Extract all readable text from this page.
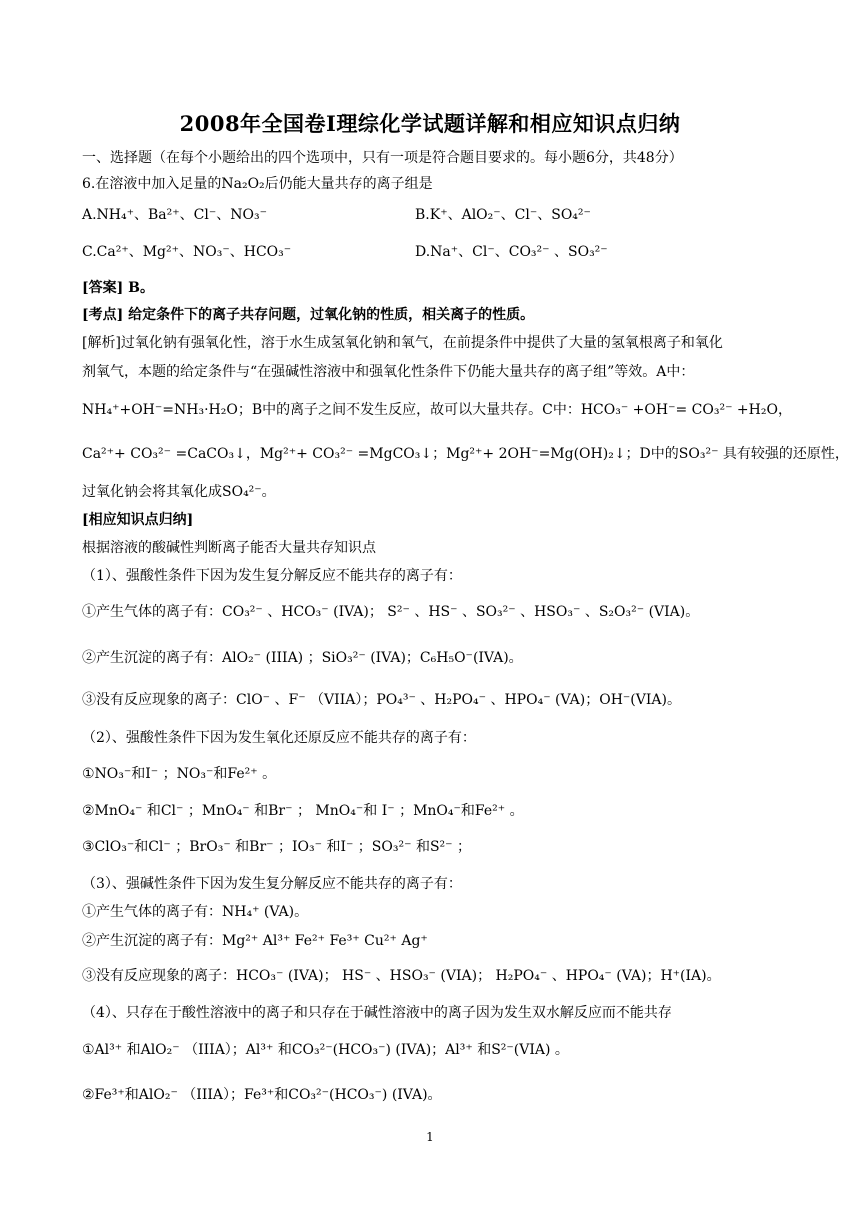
2008年全国卷I理综化学试题详解和相应知识点归纳
一、选择题（在每个小题给出的四个选项中，只有一项是符合题目要求的。每小题6分，共48分）
6.在溶液中加入足量的Na₂O₂后仍能大量共存的离子组是
A.NH₄⁺、Ba²⁺、Cl⁻、NO₃⁻	B.K⁺、AlO₂⁻、Cl⁻、SO₄²⁻
C.Ca²⁺、Mg²⁺、NO₃⁻、HCO₃⁻	D.Na⁺、Cl⁻、CO₃²⁻ 、SO₃²⁻
[答案] B。
[考点] 给定条件下的离子共存问题，过氧化钠的性质，相关离子的性质。
[解析]过氧化钠有强氧化性，溶于水生成氢氧化钠和氧气，在前提条件中提供了大量的氢氧根离子和氧化
剂氧气，本题的给定条件与“在强碱性溶液中和强氧化性条件下仍能大量共存的离子组”等效。A中：
NH₄⁺+OH⁻=NH₃·H₂O；B中的离子之间不发生反应，故可以大量共存。C中：HCO₃⁻ +OH⁻= CO₃²⁻ +H₂O，
Ca²⁺+ CO₃²⁻ =CaCO₃↓，Mg²⁺+ CO₃²⁻ =MgCO₃↓；Mg²⁺+ 2OH⁻=Mg(OH)₂↓；D中的SO₃²⁻ 具有较强的还原性，
过氧化钠会将其氧化成SO₄²⁻。
[相应知识点归纳]
根据溶液的酸碱性判断离子能否大量共存知识点
（1）、强酸性条件下因为发生复分解反应不能共存的离子有：
①产生气体的离子有：CO₃²⁻ 、HCO₃⁻ (IVA)； S²⁻ 、HS⁻ 、SO₃²⁻ 、HSO₃⁻ 、S₂O₃²⁻ (VIA)。
②产生沉淀的离子有：AlO₂⁻ (IIIA) ；SiO₃²⁻ (IVA)；C₆H₅O⁻(IVA)。
③没有反应现象的离子：ClO⁻ 、F⁻ （VIIA）；PO₄³⁻ 、H₂PO₄⁻ 、HPO₄⁻ (VA)；OH⁻(VIA)。
（2）、强酸性条件下因为发生氧化还原反应不能共存的离子有：
①NO₃⁻和I⁻ ；NO₃⁻和Fe²⁺ 。
②MnO₄⁻ 和Cl⁻ ；MnO₄⁻ 和Br⁻ ； MnO₄⁻和 I⁻ ；MnO₄⁻和Fe²⁺ 。
③ClO₃⁻和Cl⁻ ；BrO₃⁻ 和Br⁻ ；IO₃⁻ 和I⁻ ；SO₃²⁻ 和S²⁻ ；
（3）、强碱性条件下因为发生复分解反应不能共存的离子有：
①产生气体的离子有：NH₄⁺ (VA)。
②产生沉淀的离子有：Mg²⁺ Al³⁺ Fe²⁺ Fe³⁺ Cu²⁺ Ag⁺
③没有反应现象的离子：HCO₃⁻ (IVA)； HS⁻ 、HSO₃⁻ (VIA)； H₂PO₄⁻ 、HPO₄⁻ (VA)；H⁺(IA)。
（4）、只存在于酸性溶液中的离子和只存在于碱性溶液中的离子因为发生双水解反应而不能共存
①Al³⁺ 和AlO₂⁻ （IIIA）；Al³⁺ 和CO₃²⁻(HCO₃⁻) (IVA)；Al³⁺ 和S²⁻(VIA) 。
②Fe³⁺和AlO₂⁻ （IIIA）；Fe³⁺和CO₃²⁻(HCO₃⁻) (IVA)。
1
